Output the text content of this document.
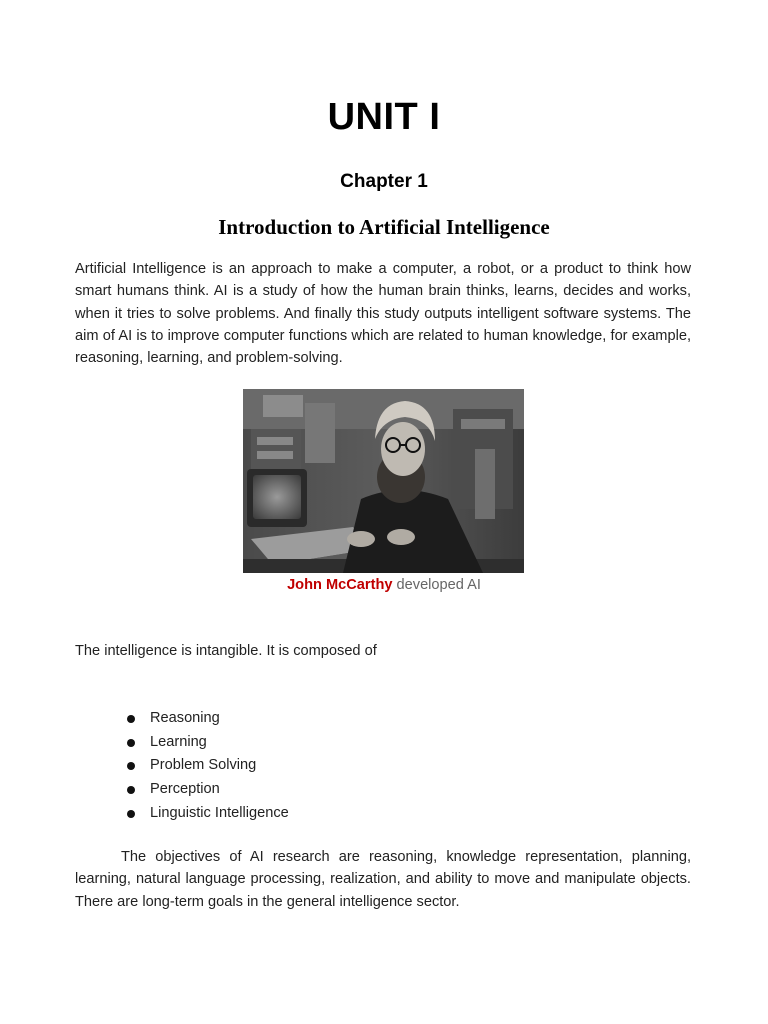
UNIT I
Chapter 1
Introduction to Artificial Intelligence
Artificial Intelligence is an approach to make a computer, a robot, or a product to think how smart humans think. AI is a study of how the human brain thinks, learns, decides and works, when it tries to solve problems. And finally this study outputs intelligent software systems. The aim of AI is to improve computer functions which are related to human knowledge, for example, reasoning, learning, and problem-solving.
John McCarthy developed AI
The intelligence is intangible. It is composed of
Reasoning
Learning
Problem Solving
Perception
Linguistic Intelligence
The objectives of AI research are reasoning, knowledge representation, planning, learning, natural language processing, realization, and ability to move and manipulate objects. There are long-term goals in the general intelligence sector.
